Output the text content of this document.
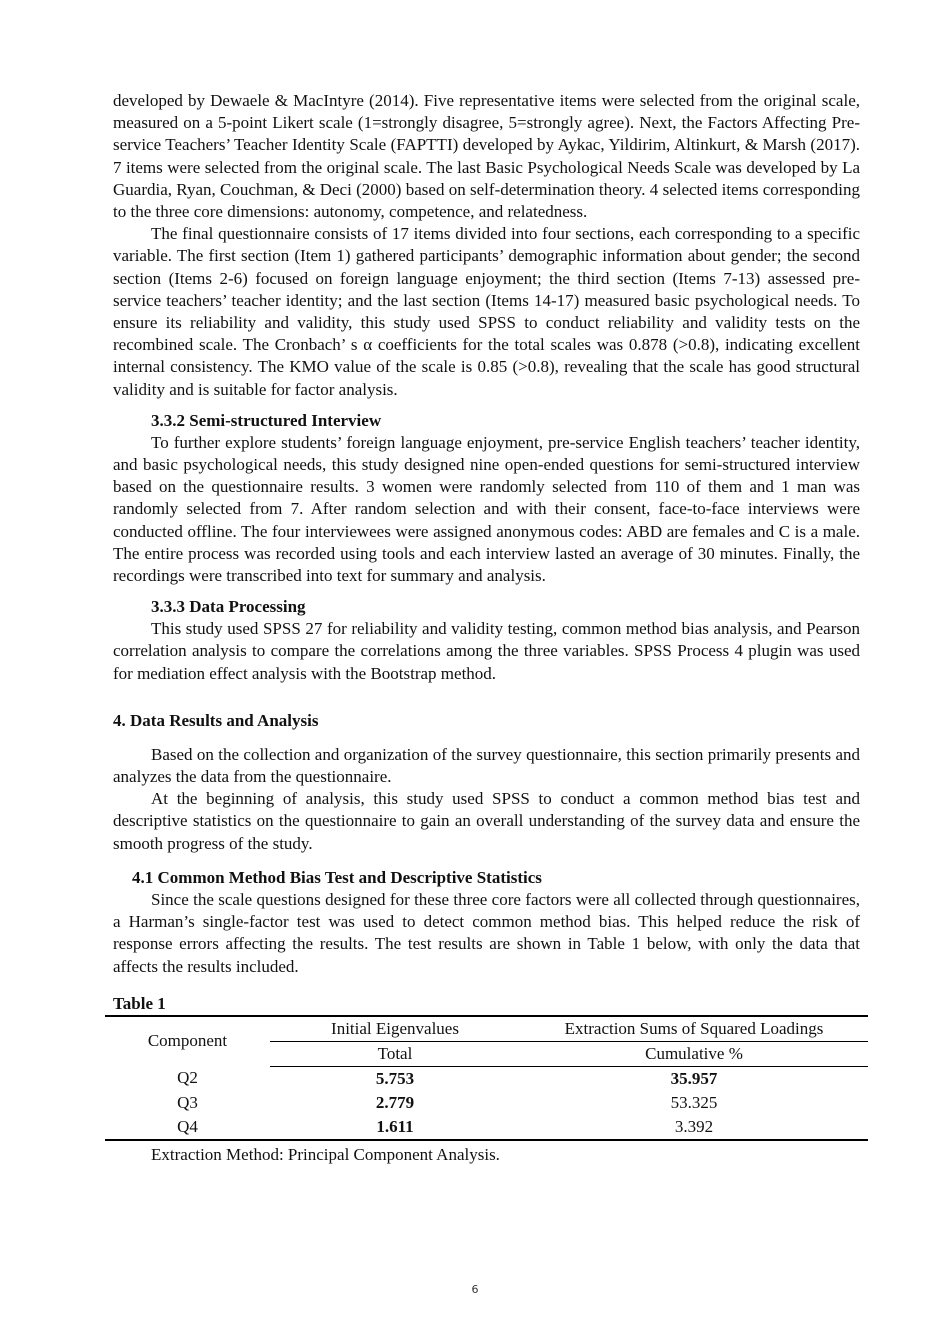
developed by Dewaele & MacIntyre (2014). Five representative items were selected from the original scale, measured on a 5-point Likert scale (1=strongly disagree, 5=strongly agree). Next, the Factors Affecting Pre-service Teachers’ Teacher Identity Scale (FAPTTI) developed by Aykac, Yildirim, Altinkurt, & Marsh (2017). 7 items were selected from the original scale. The last Basic Psychological Needs Scale was developed by La Guardia, Ryan, Couchman, & Deci (2000) based on self-determination theory. 4 selected items corresponding to the three core dimensions: autonomy, competence, and relatedness.

The final questionnaire consists of 17 items divided into four sections, each corresponding to a specific variable. The first section (Item 1) gathered participants’ demographic information about gender; the second section (Items 2-6) focused on foreign language enjoyment; the third section (Items 7-13) assessed pre-service teachers’ teacher identity; and the last section (Items 14-17) measured basic psychological needs. To ensure its reliability and validity, this study used SPSS to conduct reliability and validity tests on the recombined scale. The Cronbach’ s α coefficients for the total scales was 0.878 (>0.8), indicating excellent internal consistency. The KMO value of the scale is 0.85 (>0.8), revealing that the scale has good structural validity and is suitable for factor analysis.

3.3.2 Semi-structured Interview

To further explore students’ foreign language enjoyment, pre-service English teachers’ teacher identity, and basic psychological needs, this study designed nine open-ended questions for semi-structured interview based on the questionnaire results. 3 women were randomly selected from 110 of them and 1 man was randomly selected from 7. After random selection and with their consent, face-to-face interviews were conducted offline. The four interviewees were assigned anonymous codes: ABD are females and C is a male. The entire process was recorded using tools and each interview lasted an average of 30 minutes. Finally, the recordings were transcribed into text for summary and analysis.

3.3.3 Data Processing

This study used SPSS 27 for reliability and validity testing, common method bias analysis, and Pearson correlation analysis to compare the correlations among the three variables. SPSS Process 4 plugin was used for mediation effect analysis with the Bootstrap method.

4. Data Results and Analysis

Based on the collection and organization of the survey questionnaire, this section primarily presents and analyzes the data from the questionnaire.

At the beginning of analysis, this study used SPSS to conduct a common method bias test and descriptive statistics on the questionnaire to gain an overall understanding of the survey data and ensure the smooth progress of the study.

4.1 Common Method Bias Test and Descriptive Statistics

Since the scale questions designed for these three core factors were all collected through questionnaires, a Harman’s single-factor test was used to detect common method bias. This helped reduce the risk of response errors affecting the results. The test results are shown in Table 1 below, with only the data that affects the results included.

Table 1
Component	Initial Eigenvalues	Extraction Sums of Squared Loadings
	Total	Cumulative %
Q2	5.753	35.957
Q3	2.779	53.325
Q4	1.611	3.392
Extraction Method: Principal Component Analysis.
6
